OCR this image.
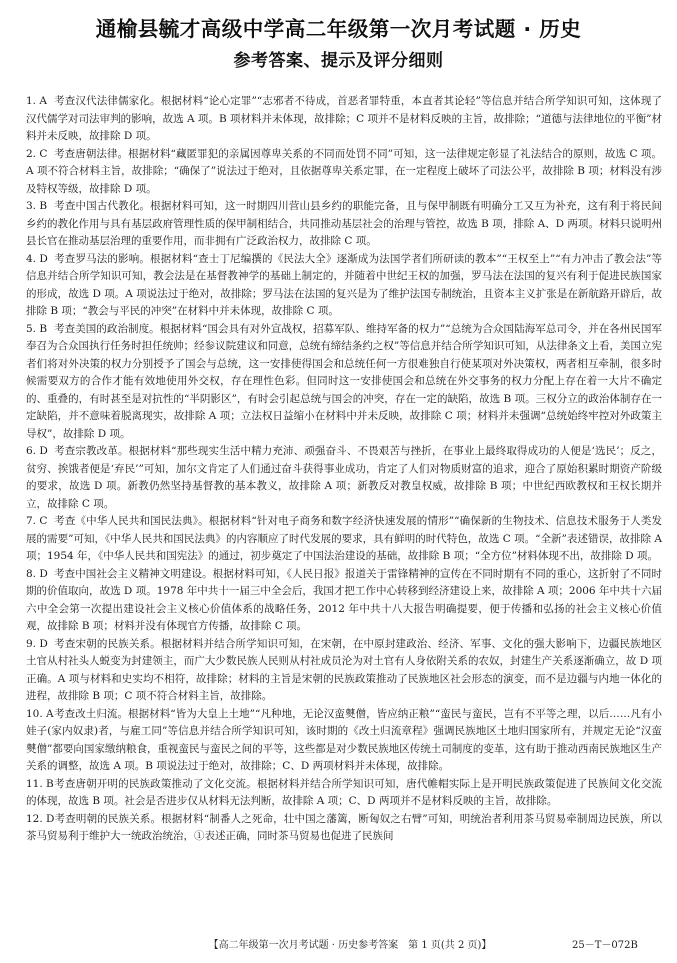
通榆县毓才高级中学高二年级第一次月考试题 · 历史
参考答案、提示及评分细则
1. A 考查汉代法律儒家化。根据材料“论心定罪”“志邪者不待成，首恶者罪特重，本直者其论轻”等信息并结合所学知识可知，这体现了汉代儒学对司法审判的影响，故选 A 项。B 项材料并未体现，故排除；C 项并不是材料反映的主旨，故排除；“道德与法律地位的平衡”材料并未反映，故排除 D 项。
2. C 考查唐朝法律。根据材料“藏匿罪犯的亲属因尊卑关系的不同而处罚不同”可知，这一法律规定彰显了礼法结合的原则，故选 C 项。A 项不符合材料主旨，故排除；“确保了”说法过于绝对，且依据尊卑关系定罪，在一定程度上破坏了司法公平，故排除 B 项；材料没有涉及特权等级，故排除 D 项。
3. B 考查中国古代教化。根据材料可知，这一时期四川营山县乡约的职能完备，且与保甲制既有明确分工又互为补充，这有利于将民间乡约的教化作用与具有基层政府管理性质的保甲制相结合，共同推动基层社会的治理与管控，故选 B 项，排除 A、D 两项。材料只说明州县长官在推动基层治理的重要作用，而非拥有广泛政治权力，故排除 C 项。
4. D 考查罗马法的影响。根据材料“查士丁尼编撰的《民法大全》逐渐成为法国学者们所研读的教本”“王权至上”“有力冲击了教会法”等信息并结合所学知识可知，教会法是在基督教神学的基础上制定的，并随着中世纪王权的加强，罗马法在法国的复兴有利于促进民族国家的形成，故选 D 项。A 项说法过于绝对，故排除；罗马法在法国的复兴是为了维护法国专制统治，且资本主义扩张是在新航路开辟后，故排除 B 项；“教会与平民的冲突”在材料中并未体现，故排除 C 项。
5. B 考查美国的政治制度。根据材料“国会具有对外宣战权，招募军队、维持军备的权力”“总统为合众国陆海军总司令，并在各州民国军奉召为合众国执行任务时担任统帅；经参议院建议和同意，总统有缔结条约之权”等信息并结合所学知识可知，从法律条文上看，美国立宪者们将对外决策的权力分别授予了国会与总统，这一安排使得国会和总统任何一方很难独自行使某项对外决策权，两者相互牵制，很多时候需要双方的合作才能有效地使用外交权，存在理性色彩。但同时这一安排使国会和总统在外交事务的权力分配上存在着一大片不确定的、重叠的，有时甚至是对抗性的“半阴影区”，有时会引起总统与国会的冲突，存在一定的缺陷，故选 B 项。三权分立的政治体制存在一定缺陷，并不意味着脱离现实，故排除 A 项；立法权日益缩小在材料中并未反映，故排除 C 项；材料并未强调“总统始终牢控对外政策主导权”，故排除 D 项。
6. D 考查宗教改革。根据材料“那些现实生活中精力充沛、顽强奋斗、不畏艰苦与挫折，在事业上最终取得成功的人便是‘选民’；反之，贫穷、挨饿者便是‘弃民’”可知，加尔文肯定了人们通过奋斗获得事业成功，肯定了人们对物质财富的追求，迎合了原始积累时期资产阶级的要求，故选 D 项。新教仍然坚持基督教的基本教义，故排除 A 项；新教反对教皇权威，故排除 B 项；中世纪西欧教权和王权长期并立，故排除 C 项。
7. C 考查《中华人民共和国民法典》。根据材料“针对电子商务和数字经济快速发展的情形”“确保新的生物技术、信息技术服务于人类发展的需要”可知，《中华人民共和国民法典》的内容顺应了时代发展的要求，具有鲜明的时代特色，故选 C 项。“全新”表述错误，故排除 A 项；1954 年，《中华人民共和国宪法》的通过，初步奠定了中国法治建设的基础，故排除 B 项；“全方位”材料体现不出，故排除 D 项。
8. D 考查中国社会主义精神文明建设。根据材料可知，《人民日报》报道关于雷锋精神的宣传在不同时期有不同的重心，这折射了不同时期的价值取向，故选 D 项。1978 年中共十一届三中全会后，我国才把工作中心转移到经济建设上来，故排除 A 项；2006 年中共十六届六中全会第一次提出建设社会主义核心价值体系的战略任务，2012 年中共十八大报告明确提要，便于传播和弘扬的社会主义核心价值观，故排除 B 项；材料并没有体现官方传播，故排除 C 项。
9. D 考查宋朝的民族关系。根据材料并结合所学知识可知，在宋朝，在中原封建政治、经济、军事、文化的强大影响下，边疆民族地区土官从村社头人蜕变为封建领主，而广大少数民族人民则从村社成员沦为对土官有人身依附关系的农奴，封建生产关系逐渐确立，故 D 项正确。A 项与材料和史实均不相符，故排除；材料的主旨是宋朝的民族政策推动了民族地区社会形态的演变，而不是边疆与内地一体化的进程，故排除 B 项；C 项不符合材料主旨，故排除。
10. A考查改土归流。根据材料“皆为大皇上土地”“凡种地，无论汉蛮僰僧，皆应纳正粮”“蛮民与蛮民，岂有不平等之理，以后……凡有小娃子(家内奴隶)者，与雇工同”等信息并结合所学知识可知，该时期的《改土归流章程》强调民族地区土地归国家所有，并规定无论“汉蛮僰僧”都要向国家缴纳粮食，重视蛮民与蛮民之间的平等，这些都是对少数民族地区传统土司制度的变革，这有助于推动西南民族地区生产关系的调整，故选 A 项。B 项说法过于绝对，故排除；C、D 两项材料并未体现，故排除。
11. B考查唐朝开明的民族政策推动了文化交流。根据材料并结合所学知识可知，唐代帷帽实际上是开明民族政策促进了民族间文化交流的体现，故选 B 项。社会是否进步仅从材料无法判断，故排除 A 项；C、D 两项并不是材料反映的主旨，故排除。
12. D考查明朝的民族关系。根据材料“制番人之死命，壮中国之藩篱，断匈奴之右臂”可知，明统治者利用茶马贸易牵制周边民族，所以茶马贸易利于维护大一统政治统治，①表述正确，同时茶马贸易也促进了民族间
【高二年级第一次月考试题 · 历史参考答案　第 1 页(共 2 页)】	25－T－072B
